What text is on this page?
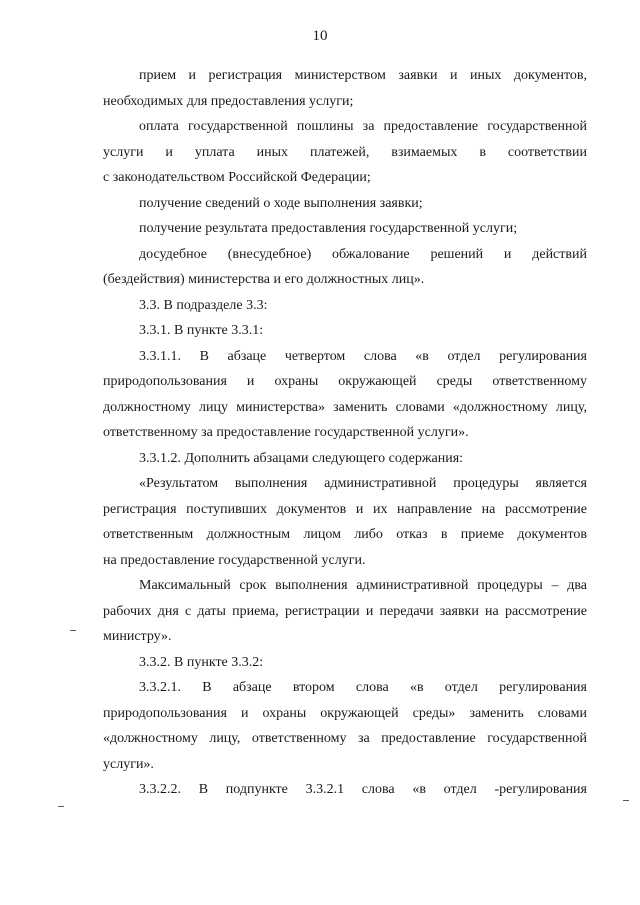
10
прием и регистрация министерством заявки и иных документов,
необходимых для предоставления услуги;
оплата государственной пошлины за предоставление государственной
услуги и уплата иных платежей, взимаемых в соответствии
с законодательством Российской Федерации;
получение сведений о ходе выполнения заявки;
получение результата предоставления государственной услуги;
досудебное (внесудебное) обжалование решений и действий
(бездействия) министерства и его должностных лиц».
3.3. В подразделе 3.3:
3.3.1. В пункте 3.3.1:
3.3.1.1. В абзаце четвертом слова «в отдел регулирования
природопользования и охраны окружающей среды ответственному
должностному лицу министерства» заменить словами «должностному лицу,
ответственному за предоставление государственной услуги».
3.3.1.2. Дополнить абзацами следующего содержания:
«Результатом выполнения административной процедуры является
регистрация поступивших документов и их направление на рассмотрение
ответственным должностным лицом либо отказ в приеме документов
на предоставление государственной услуги.
Максимальный срок выполнения административной процедуры – два
рабочих дня с даты приема, регистрации и передачи заявки на рассмотрение
министру».
3.3.2. В пункте 3.3.2:
3.3.2.1. В абзаце втором слова «в отдел регулирования
природопользования и охраны окружающей среды» заменить словами
«должностному лицу, ответственному за предоставление государственной
услуги».
3.3.2.2. В подпункте 3.3.2.1 слова «в отдел -регулирования
